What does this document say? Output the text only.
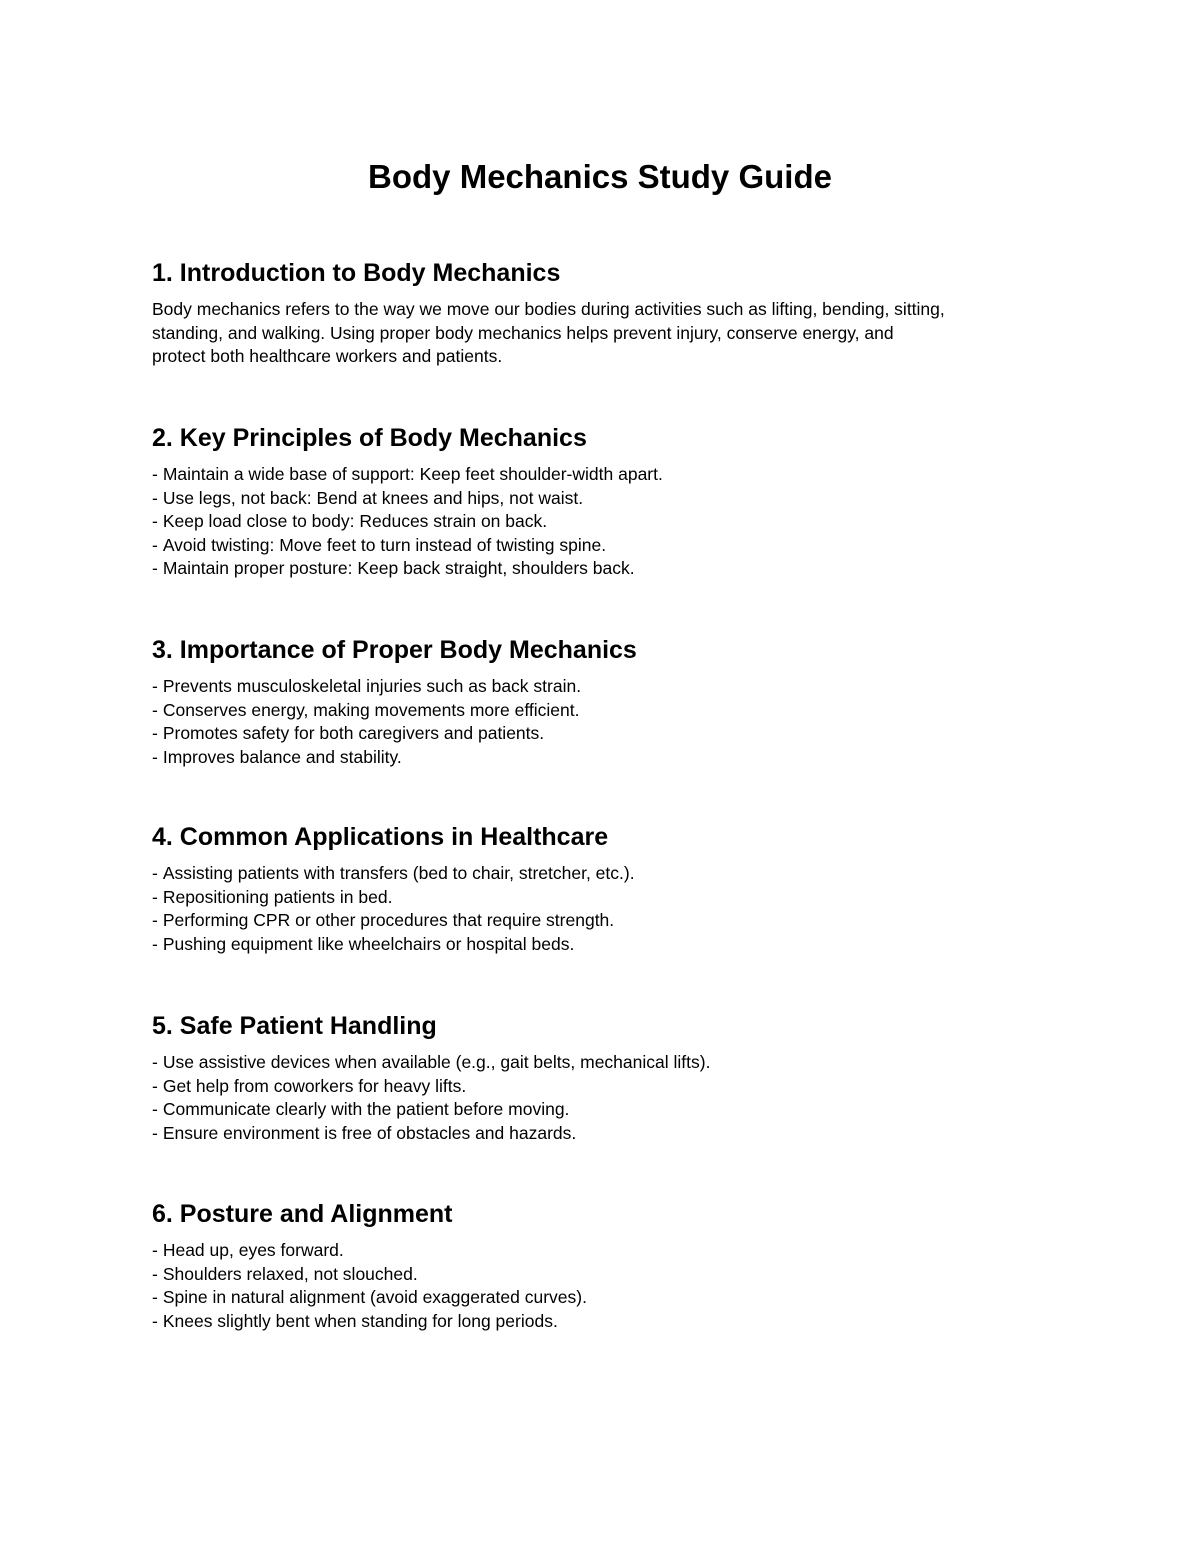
Body Mechanics Study Guide
1. Introduction to Body Mechanics

Body mechanics refers to the way we move our bodies during activities such as lifting, bending, sitting,

standing, and walking. Using proper body mechanics helps prevent injury, conserve energy, and

protect both healthcare workers and patients.

2. Key Principles of Body Mechanics
- Maintain a wide base of support: Keep feet shoulder-width apart.
- Use legs, not back: Bend at knees and hips, not waist.
- Keep load close to body: Reduces strain on back.
- Avoid twisting: Move feet to turn instead of twisting spine.
- Maintain proper posture: Keep back straight, shoulders back.
3. Importance of Proper Body Mechanics
- Prevents musculoskeletal injuries such as back strain.
- Conserves energy, making movements more efficient.
- Promotes safety for both caregivers and patients.
- Improves balance and stability.
4. Common Applications in Healthcare
- Assisting patients with transfers (bed to chair, stretcher, etc.).
- Repositioning patients in bed.
- Performing CPR or other procedures that require strength.
- Pushing equipment like wheelchairs or hospital beds.
5. Safe Patient Handling
- Use assistive devices when available (e.g., gait belts, mechanical lifts).
- Get help from coworkers for heavy lifts.
- Communicate clearly with the patient before moving.
- Ensure environment is free of obstacles and hazards.
6. Posture and Alignment
- Head up, eyes forward.
- Shoulders relaxed, not slouched.
- Spine in natural alignment (avoid exaggerated curves).
- Knees slightly bent when standing for long periods.
